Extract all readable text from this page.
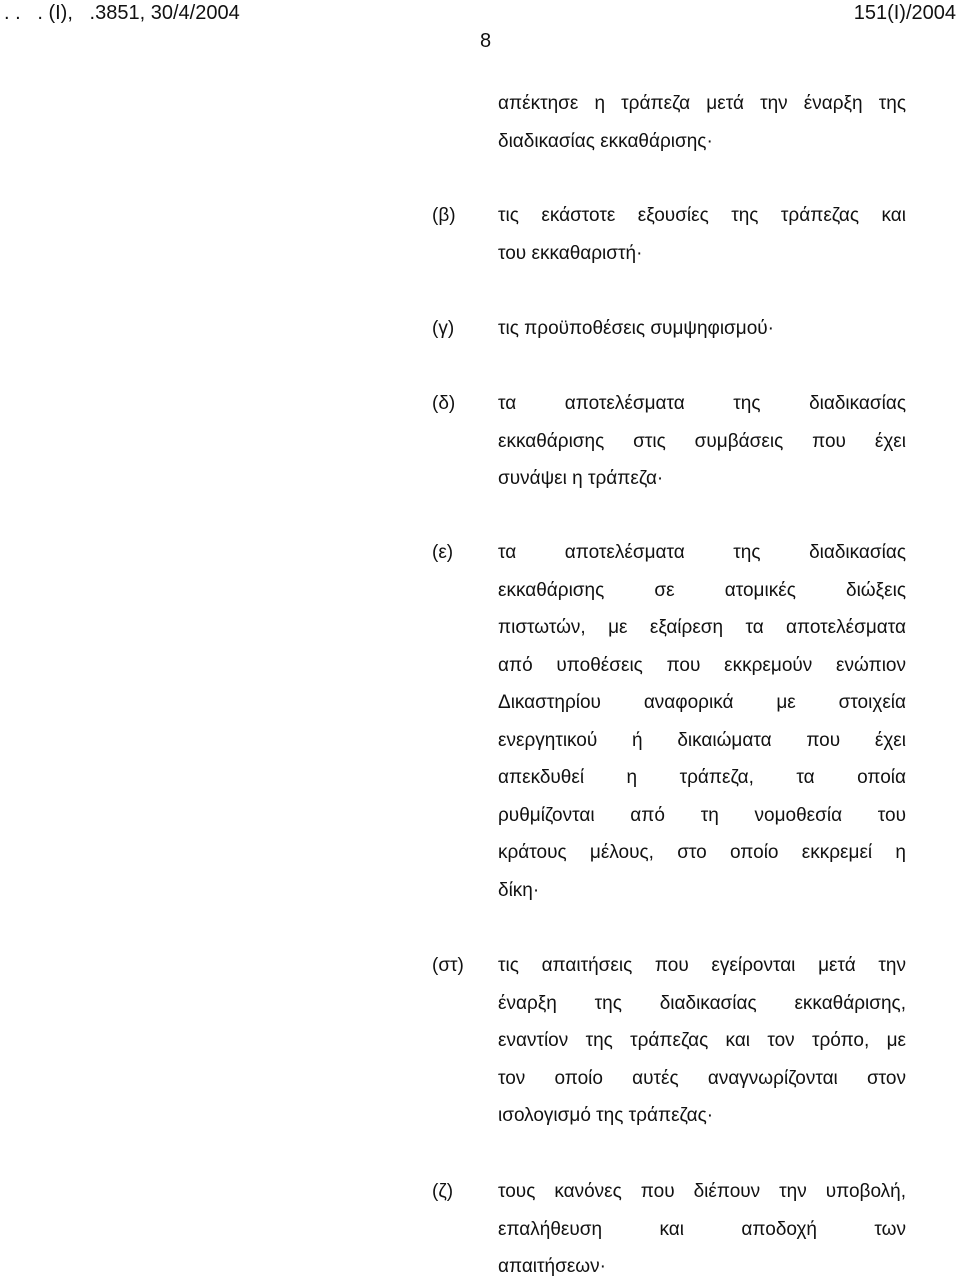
. .   . (Ι),   .3851, 30/4/2004	151(Ι)/2004
8

απέκτησε η τράπεζα μετά την έναρξη της

διαδικασίας εκκαθάρισης·

(β) τις εκάστοτε εξουσίες της τράπεζας και

του εκκαθαριστή·

(γ) τις προϋποθέσεις συμψηφισμού·

(δ) τα αποτελέσματα της διαδικασίας

εκκαθάρισης στις συμβάσεις που έχει

συνάψει η τράπεζα·

(ε) τα αποτελέσματα της διαδικασίας

εκκαθάρισης σε ατομικές διώξεις

πιστωτών, με εξαίρεση τα αποτελέσματα

από υποθέσεις που εκκρεμούν ενώπιον

Δικαστηρίου αναφορικά με στοιχεία

ενεργητικού ή δικαιώματα που έχει

απεκδυθεί η τράπεζα, τα οποία

ρυθμίζονται από τη νομοθεσία του

κράτους μέλους, στο οποίο εκκρεμεί η

δίκη·

(στ) τις απαιτήσεις που εγείρονται μετά την

έναρξη της διαδικασίας εκκαθάρισης,

εναντίον της τράπεζας και τον τρόπο, με

τον οποίο αυτές αναγνωρίζονται στον

ισολογισμό της τράπεζας·

(ζ) τους κανόνες που διέπουν την υποβολή,

επαλήθευση και αποδοχή των

απαιτήσεων·
